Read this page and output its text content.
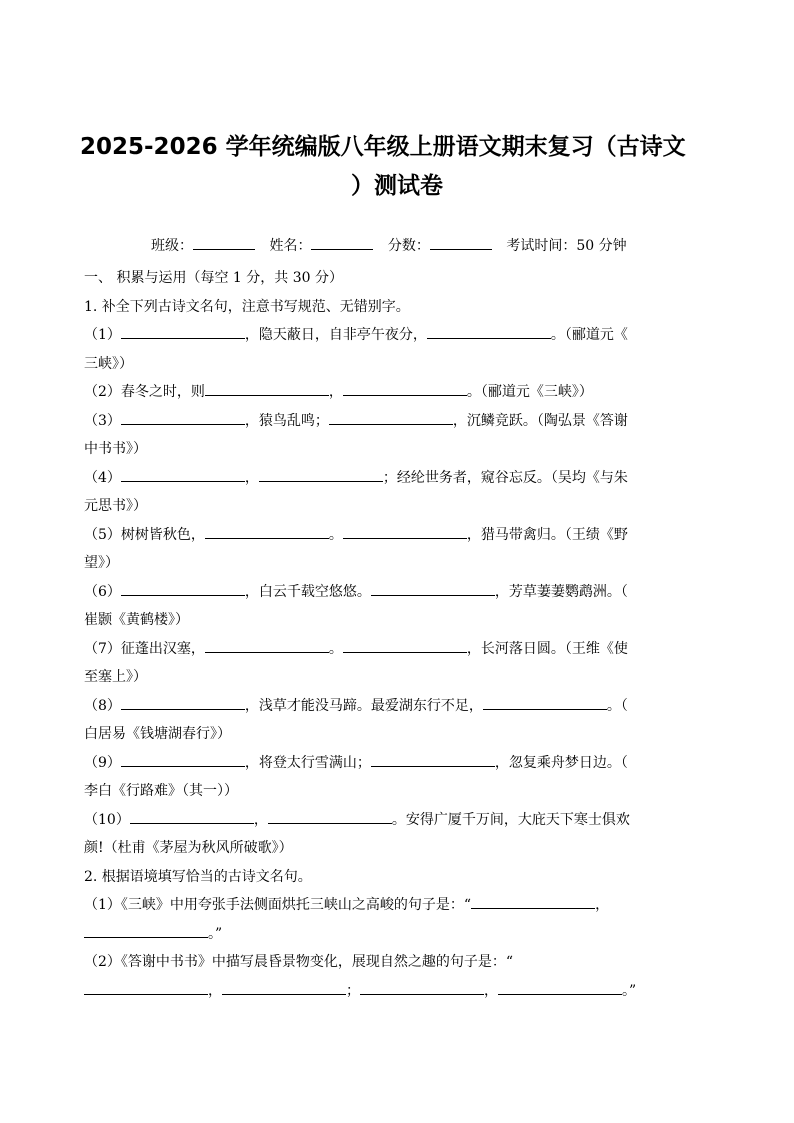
2025-2026 学年统编版八年级上册语文期末复习（古诗文
）测试卷
班级：	姓名：	分数：	考试时间：50 分钟
一、 积累与运用（每空 1 分，共 30 分）
1. 补全下列古诗文名句，注意书写规范、无错别字。
（1）	，隐天蔽日，自非亭午夜分，	。（郦道元《
三峡》）
（2）春冬之时，则	，	。（郦道元《三峡》）
（3）	，猿鸟乱鸣；	，沉鳞竞跃。（陶弘景《答谢
中书书》）
（4）	，	；经纶世务者，窥谷忘反。（吴均《与朱
元思书》）
（5）树树皆秋色，	。	，猎马带禽归。（王绩《野
望》）
（6）	，白云千载空悠悠。	，芳草萋萋鹦鹉洲。（
崔颢《黄鹤楼》）
（7）征蓬出汉塞，	。	，长河落日圆。（王维《使
至塞上》）
（8）	，浅草才能没马蹄。最爱湖东行不足，	。（
白居易《钱塘湖春行》）
（9）	，将登太行雪满山；	，忽复乘舟梦日边。（
李白《行路难》（其一））
（10）	，	。安得广厦千万间，大庇天下寒士俱欢
颜!（杜甫《茅屋为秋风所破歌》）
2. 根据语境填写恰当的古诗文名句。
（1）《三峡》中用夸张手法侧面烘托三峡山之高峻的句子是：“	，
。”
（2）《答谢中书书》中描写晨昏景物变化，展现自然之趣的句子是：“
，	；	，	。”
